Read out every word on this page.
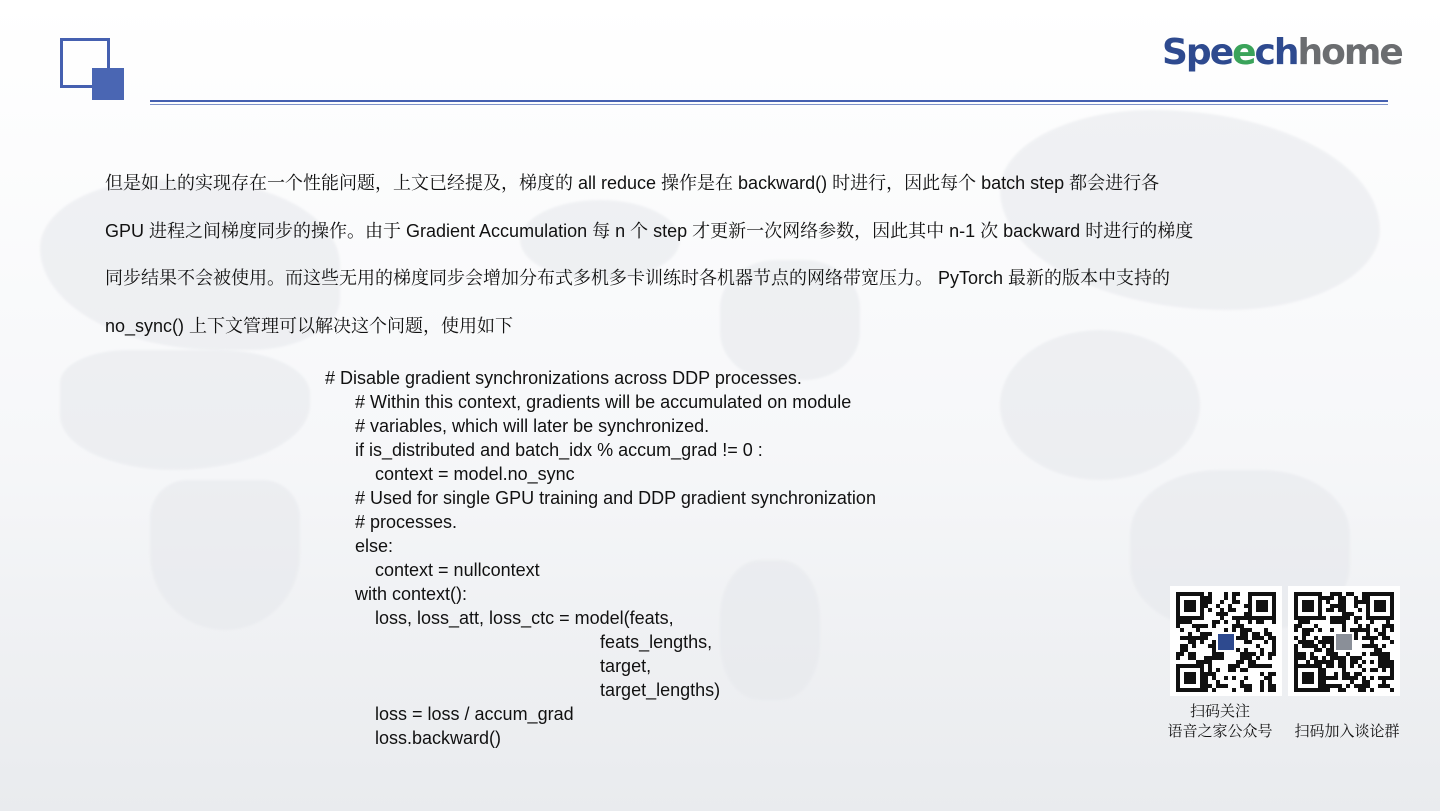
Speechhome
但是如上的实现存在一个性能问题，上文已经提及，梯度的 all reduce 操作是在 backward() 时进行，因此每个 batch step 都会进行各
GPU 进程之间梯度同步的操作。由于 Gradient Accumulation 每 n 个 step 才更新一次网络参数，因此其中 n-1 次 backward 时进行的梯度
同步结果不会被使用。而这些无用的梯度同步会增加分布式多机多卡训练时各机器节点的网络带宽压力。 PyTorch 最新的版本中支持的
no_sync() 上下文管理可以解决这个问题，使用如下
# Disable gradient synchronizations across DDP processes.
# Within this context, gradients will be accumulated on module
# variables, which will later be synchronized.
if is_distributed and batch_idx % accum_grad != 0 :
context = model.no_sync
# Used for single GPU training and DDP gradient synchronization
# processes.
else:
context = nullcontext
with context():
loss, loss_att, loss_ctc = model(feats,
feats_lengths,
target,
target_lengths)
loss = loss / accum_grad
loss.backward()
扫码关注
语音之家公众号	扫码加入谈论群
